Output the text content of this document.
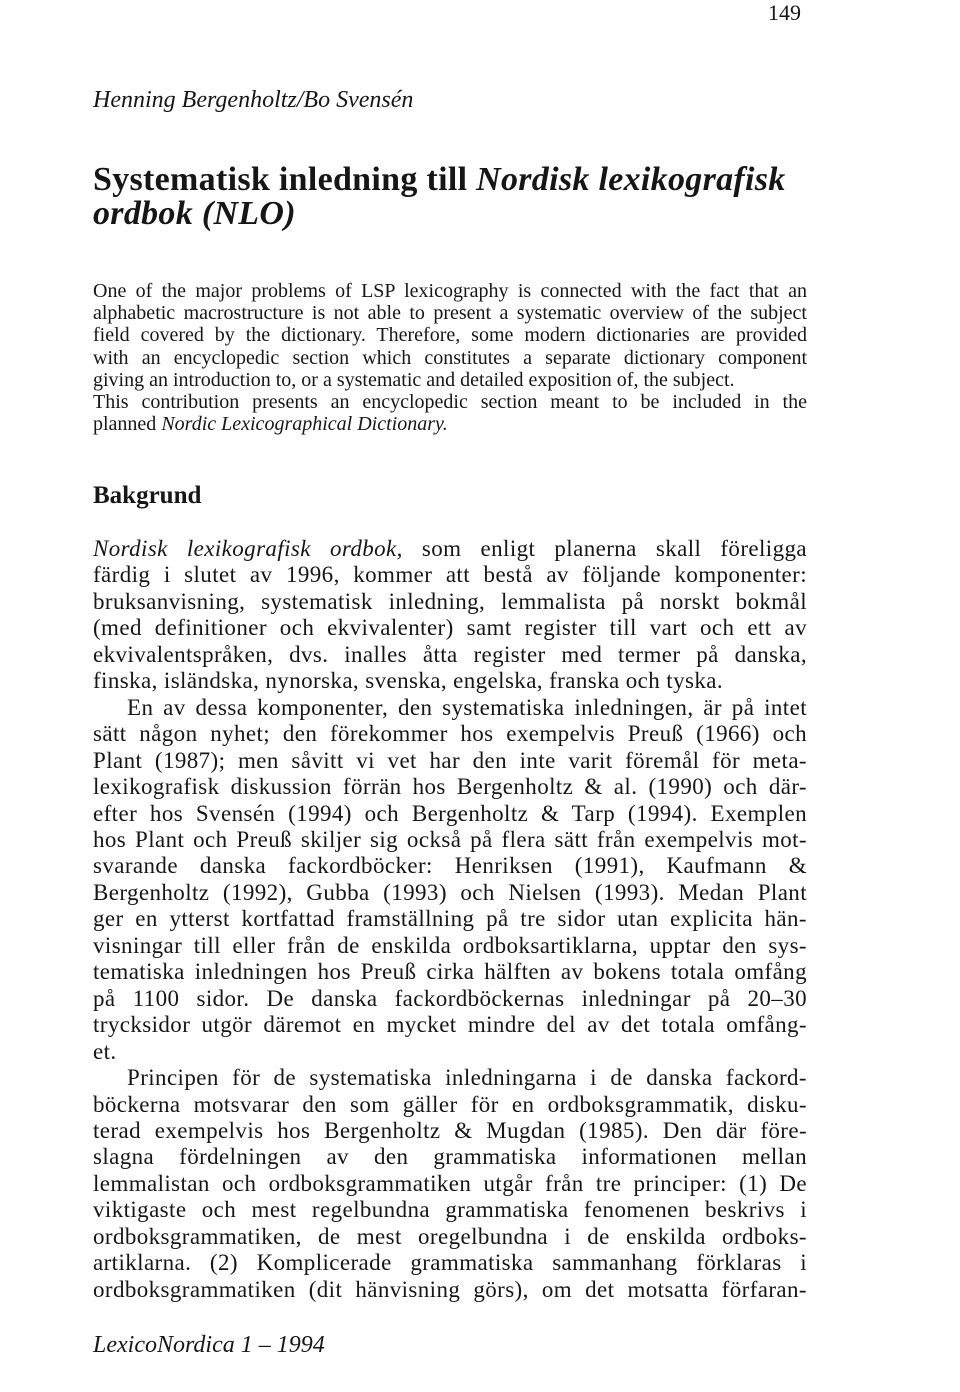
149
Henning Bergenholtz/Bo Svensén
Systematisk inledning till Nordisk lexikografisk
ordbok (NLO)
One of the major problems of LSP lexicography is connected with the fact that an
alphabetic macrostructure is not able to present a systematic overview of the subject
field covered by the dictionary. Therefore, some modern dictionaries are provided
with an encyclopedic section which constitutes a separate dictionary component
giving an introduction to, or a systematic and detailed exposition of, the subject.
This contribution presents an encyclopedic section meant to be included in the
planned Nordic Lexicographical Dictionary.
Bakgrund
Nordisk lexikografisk ordbok, som enligt planerna skall föreligga
färdig i slutet av 1996, kommer att bestå av följande komponenter:
bruksanvisning, systematisk inledning, lemmalista på norskt bokmål
(med definitioner och ekvivalenter) samt register till vart och ett av
ekvivalentspråken, dvs. inalles åtta register med termer på danska,
finska, isländska, nynorska, svenska, engelska, franska och tyska.
En av dessa komponenter, den systematiska inledningen, är på intet
sätt någon nyhet; den förekommer hos exempelvis Preuß (1966) och
Plant (1987); men såvitt vi vet har den inte varit föremål för meta-
lexikografisk diskussion förrän hos Bergenholtz & al. (1990) och där-
efter hos Svensén (1994) och Bergenholtz & Tarp (1994). Exemplen
hos Plant och Preuß skiljer sig också på flera sätt från exempelvis mot-
svarande danska fackordböcker: Henriksen (1991), Kaufmann &
Bergenholtz (1992), Gubba (1993) och Nielsen (1993). Medan Plant
ger en ytterst kortfattad framställning på tre sidor utan explicita hän-
visningar till eller från de enskilda ordboksartiklarna, upptar den sys-
tematiska inledningen hos Preuß cirka hälften av bokens totala omfång
på 1100 sidor. De danska fackordböckernas inledningar på 20–30
trycksidor utgör däremot en mycket mindre del av det totala omfång-
et.
Principen för de systematiska inledningarna i de danska fackord-
böckerna motsvarar den som gäller för en ordboksgrammatik, disku-
terad exempelvis hos Bergenholtz & Mugdan (1985). Den där före-
slagna fördelningen av den grammatiska informationen mellan
lemmalistan och ordboksgrammatiken utgår från tre principer: (1) De
viktigaste och mest regelbundna grammatiska fenomenen beskrivs i
ordboksgrammatiken, de mest oregelbundna i de enskilda ordboks-
artiklarna. (2) Komplicerade grammatiska sammanhang förklaras i
ordboksgrammatiken (dit hänvisning görs), om det motsatta förfaran-
LexicoNordica 1 – 1994
